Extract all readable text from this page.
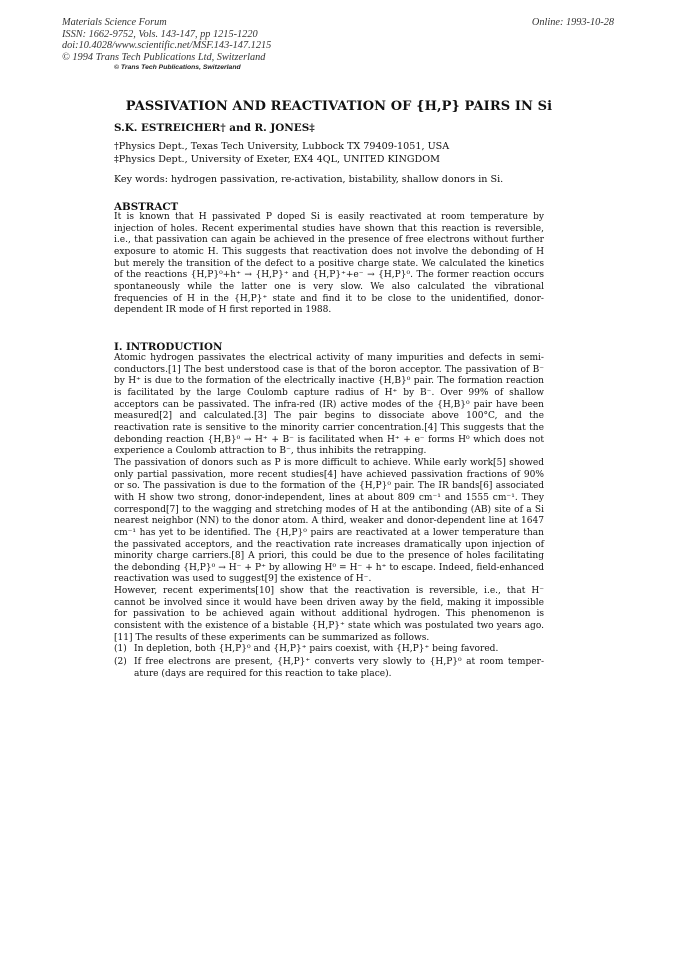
Materials Science Forum
ISSN: 1662-9752, Vols. 143-147, pp 1215-1220
doi:10.4028/www.scientific.net/MSF.143-147.1215
© 1994 Trans Tech Publications Ltd, Switzerland
Online: 1993-10-28
© Trans Tech Publications, Switzerland
PASSIVATION AND REACTIVATION OF {H,P} PAIRS IN Si
S.K. ESTREICHER† and R. JONES‡
†Physics Dept., Texas Tech University, Lubbock TX 79409-1051, USA
‡Physics Dept., University of Exeter, EX4 4QL, UNITED KINGDOM
Key words: hydrogen passivation, re-activation, bistability, shallow donors in Si.
ABSTRACT

It is known that H passivated P doped Si is easily reactivated at room temperature by injection of holes. Recent experimental studies have shown that this reaction is reversible, i.e., that passivation can again be achieved in the presence of free electrons without further exposure to atomic H. This suggests that reactivation does not involve the debonding of H but merely the transition of the defect to a positive charge state. We calculated the kinetics of the reactions {H,P}⁰+h⁺ → {H,P}⁺ and {H,P}⁺+e⁻ → {H,P}⁰. The former reaction occurs spontaneously while the latter one is very slow. We also calculated the vibrational frequencies of H in the {H,P}⁺ state and find it to be close to the unidentified, donor-dependent IR mode of H first reported in 1988.

I. INTRODUCTION

Atomic hydrogen passivates the electrical activity of many impurities and defects in semi-conductors.[1] The best understood case is that of the boron acceptor. The passivation of B⁻ by H⁺ is due to the formation of the electrically inactive {H,B}⁰ pair. The formation reaction is facilitated by the large Coulomb capture radius of H⁺ by B⁻. Over 99% of shallow acceptors can be passivated. The infra-red (IR) active modes of the {H,B}⁰ pair have been measured[2] and calculated.[3] The pair begins to dissociate above 100°C, and the reactivation rate is sensitive to the minority carrier concentration.[4] This suggests that the debonding reaction {H,B}⁰ → H⁺ + B⁻ is facilitated when H⁺ + e⁻ forms H⁰ which does not experience a Coulomb attraction to B⁻, thus inhibits the retrapping.

The passivation of donors such as P is more difficult to achieve. While early work[5] showed only partial passivation, more recent studies[4] have achieved passivation fractions of 90% or so. The passivation is due to the formation of the {H,P}⁰ pair. The IR bands[6] associated with H show two strong, donor-independent, lines at about 809 cm⁻¹ and 1555 cm⁻¹. They correspond[7] to the wagging and stretching modes of H at the antibonding (AB) site of a Si nearest neighbor (NN) to the donor atom. A third, weaker and donor-dependent line at 1647 cm⁻¹ has yet to be identified. The {H,P}⁰ pairs are reactivated at a lower temperature than the passivated acceptors, and the reactivation rate increases dramatically upon injection of minority charge carriers.[8] A priori, this could be due to the presence of holes facilitating the debonding {H,P}⁰ → H⁻ + P⁺ by allowing H⁰ = H⁻ + h⁺ to escape. Indeed, field-enhanced reactivation was used to suggest[9] the existence of H⁻.

However, recent experiments[10] show that the reactivation is reversible, i.e., that H⁻ cannot be involved since it would have been driven away by the field, making it impossible for passivation to be achieved again without additional hydrogen. This phenomenon is consistent with the existence of a bistable {H,P}⁺ state which was postulated two years ago.[11] The results of these experiments can be summarized as follows.

(1) In depletion, both {H,P}⁰ and {H,P}⁺ pairs coexist, with {H,P}⁺ being favored.
(2) If free electrons are present, {H,P}⁺ converts very slowly to {H,P}⁰ at room temper-ature (days are required for this reaction to take place).
